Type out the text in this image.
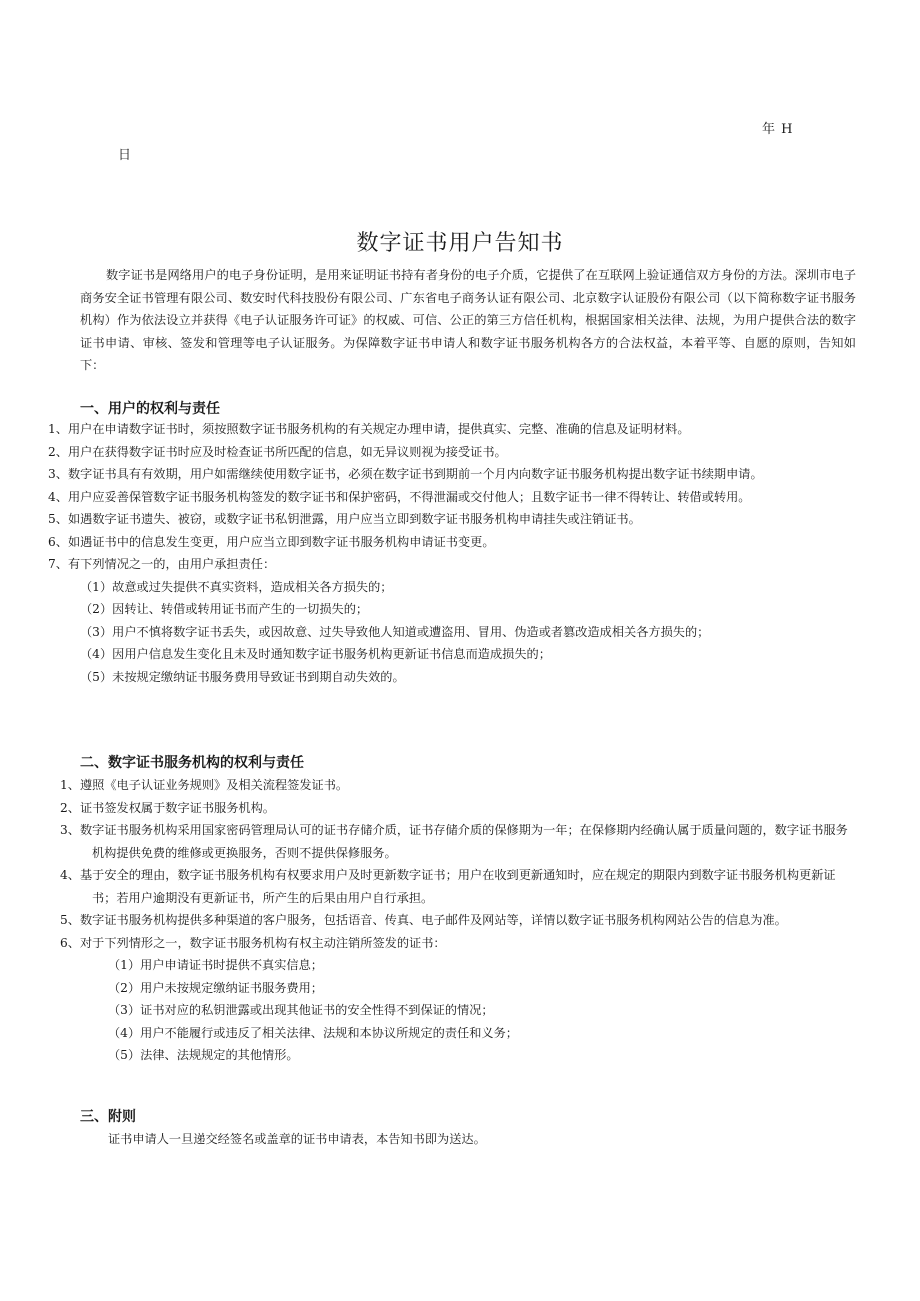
年 H
日
数字证书用户告知书

数字证书是网络用户的电子身份证明，是用来证明证书持有者身份的电子介质，它提供了在互联网上验证通信双方身份的方法。深圳市电子商务安全证书管理有限公司、数安时代科技股份有限公司、广东省电子商务认证有限公司、北京数字认证股份有限公司（以下简称数字证书服务机构）作为依法设立并获得《电子认证服务许可证》的权威、可信、公正的第三方信任机构，根据国家相关法律、法规，为用户提供合法的数字证书申请、审核、签发和管理等电子认证服务。为保障数字证书申请人和数字证书服务机构各方的合法权益，本着平等、自愿的原则，告知如下：

一、用户的权利与责任
1、用户在申请数字证书时，须按照数字证书服务机构的有关规定办理申请，提供真实、完整、准确的信息及证明材料。
2、用户在获得数字证书时应及时检查证书所匹配的信息，如无异议则视为接受证书。
3、数字证书具有有效期，用户如需继续使用数字证书，必须在数字证书到期前一个月内向数字证书服务机构提出数字证书续期申请。
4、用户应妥善保管数字证书服务机构签发的数字证书和保护密码，不得泄漏或交付他人；且数字证书一律不得转让、转借或转用。
5、如遇数字证书遗失、被窃，或数字证书私钥泄露，用户应当立即到数字证书服务机构申请挂失或注销证书。
6、如遇证书中的信息发生变更，用户应当立即到数字证书服务机构申请证书变更。
7、有下列情况之一的，由用户承担责任：
（1）故意或过失提供不真实资料，造成相关各方损失的；
（2）因转让、转借或转用证书而产生的一切损失的；
（3）用户不慎将数字证书丢失，或因故意、过失导致他人知道或遭盗用、冒用、伪造或者篡改造成相关各方损失的；
（4）因用户信息发生变化且未及时通知数字证书服务机构更新证书信息而造成损失的；
（5）未按规定缴纳证书服务费用导致证书到期自动失效的。
二、数字证书服务机构的权利与责任
1、遵照《电子认证业务规则》及相关流程签发证书。
2、证书签发权属于数字证书服务机构。
3、数字证书服务机构采用国家密码管理局认可的证书存储介质，证书存储介质的保修期为一年；在保修期内经确认属于质量问题的，数字证书服务机构提供免费的维修或更换服务，否则不提供保修服务。
4、基于安全的理由，数字证书服务机构有权要求用户及时更新数字证书；用户在收到更新通知时，应在规定的期限内到数字证书服务机构更新证书；若用户逾期没有更新证书，所产生的后果由用户自行承担。
5、数字证书服务机构提供多种渠道的客户服务，包括语音、传真、电子邮件及网站等，详情以数字证书服务机构网站公告的信息为准。
6、对于下列情形之一，数字证书服务机构有权主动注销所签发的证书：
（1）用户申请证书时提供不真实信息；
（2）用户未按规定缴纳证书服务费用；
（3）证书对应的私钥泄露或出现其他证书的安全性得不到保证的情况；
（4）用户不能履行或违反了相关法律、法规和本协议所规定的责任和义务；
（5）法律、法规规定的其他情形。
三、附则

证书申请人一旦递交经签名或盖章的证书申请表，本告知书即为送达。
